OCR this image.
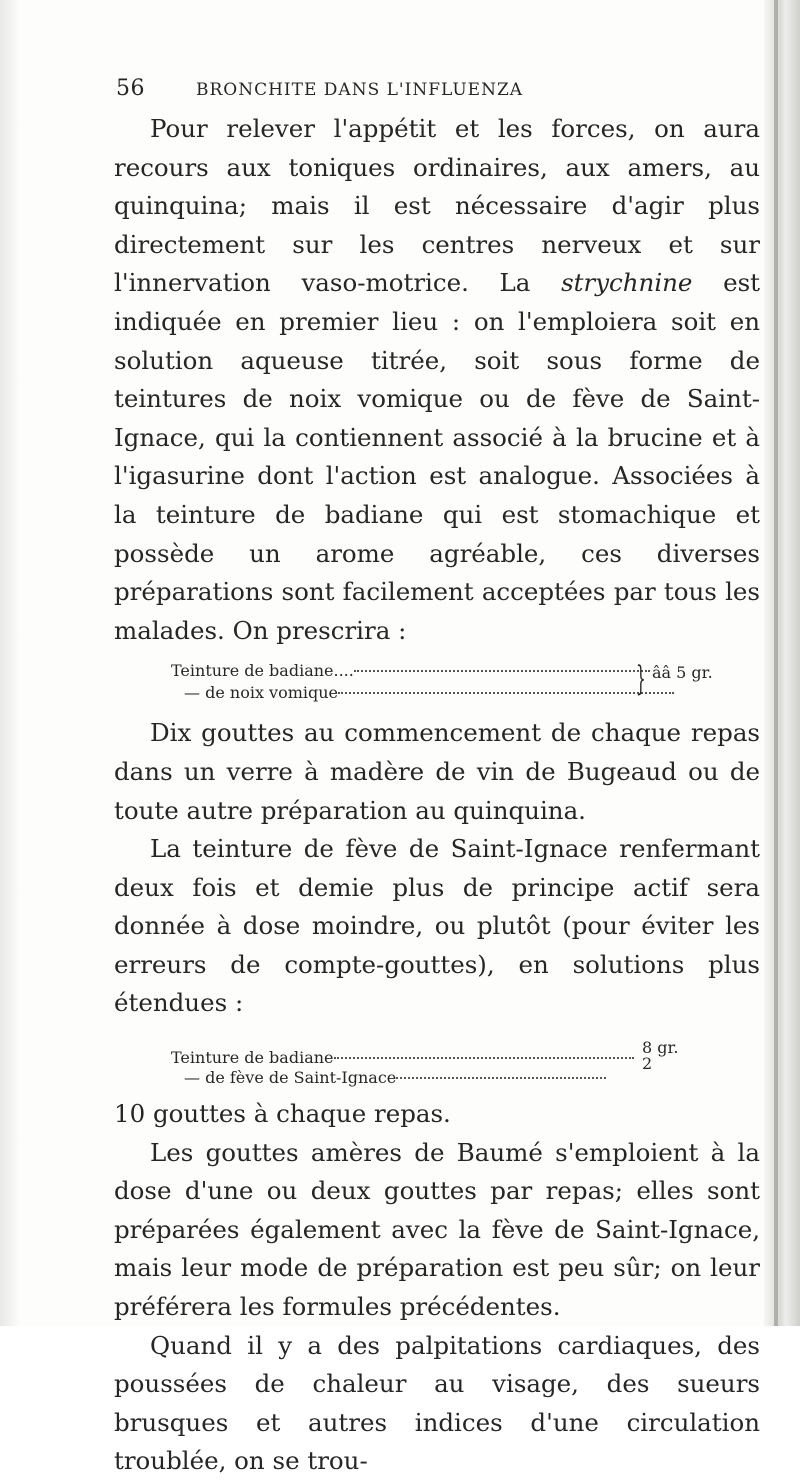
56	BRONCHITE DANS L'INFLUENZA

Pour relever l'appétit et les forces, on aura recours aux toniques ordinaires, aux amers, au quinquina; mais il est nécessaire d'agir plus directement sur les centres nerveux et sur l'innervation vaso-motrice. La strychnine est indiquée en premier lieu : on l'emploiera soit en solution aqueuse titrée, soit sous forme de teintures de noix vomique ou de fève de Saint-Ignace, qui la contiennent associé à la brucine et à l'igasurine dont l'action est analogue. Associées à la teinture de badiane qui est stomachique et possède un arome agréable, ces diverses préparations sont facilement acceptées par tous les malades. On prescrira :

Teinture de badiane....
— de noix vomique	} ââ 5 gr.

Dix gouttes au commencement de chaque repas dans un verre à madère de vin de Bugeaud ou de toute autre préparation au quinquina.

La teinture de fève de Saint-Ignace renfermant deux fois et demie plus de principe actif sera donnée à dose moindre, ou plutôt (pour éviter les erreurs de compte-gouttes), en solutions plus étendues :

Teinture de badiane
— de fève de Saint-Ignace
8 gr.
2

10 gouttes à chaque repas.

Les gouttes amères de Baumé s'emploient à la dose d'une ou deux gouttes par repas; elles sont préparées également avec la fève de Saint-Ignace, mais leur mode de préparation est peu sûr; on leur préférera les formules précédentes.

Quand il y a des palpitations cardiaques, des poussées de chaleur au visage, des sueurs brusques et autres indices d'une circulation troublée, on se trou-
